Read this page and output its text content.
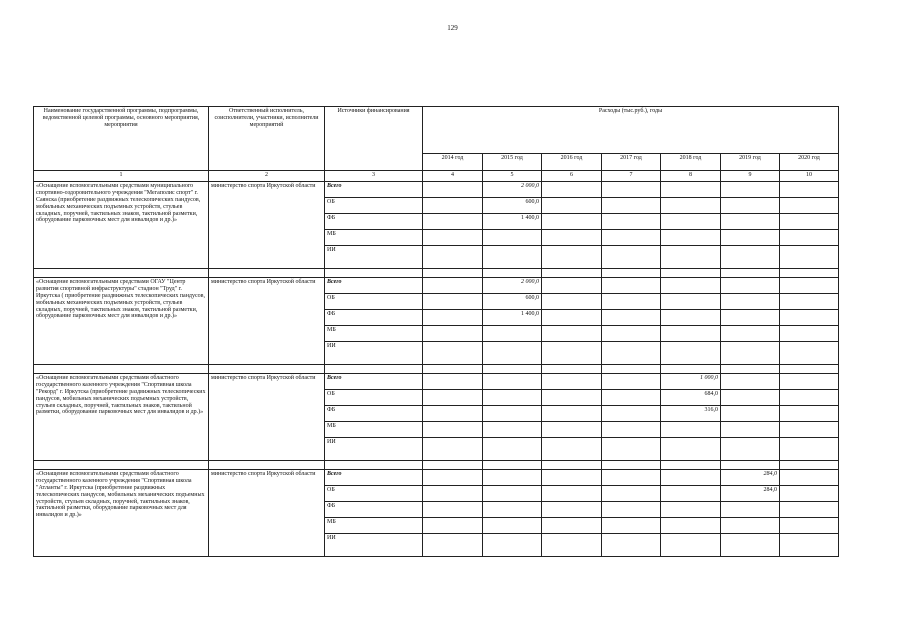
129
Наименование государственной программы, подпрограммы, ведомственной целевой программы, основного мероприятия, мероприятия	Ответственный исполнитель, соисполнители, участники, исполнители мероприятий	Источники финансирования	Расходы (тыс.руб.), годы						
			2014 год	2015 год	2016 год	2017 год	2018 год	2019 год	2020 год
1	2	3	4	5	6	7	8	9	10
«Оснащение вспомогательными средствами муниципального спортивно-оздоровительного учреждения "Мегаполис спорт" г. Саянска (приобретение раздвижных телескопических пандусов, мобильных механических подъемных устройств, стульев складных, поручней, тактильных знаков, тактильной разметки, оборудование парковочных мест для инвалидов и др.)»	министерство спорта Иркутской области	Всего		2 000,0					
		ОБ		600,0					
		ФБ		1 400,0					
		МБ							
		ИИ							

«Оснащение вспомогательными средствами ОГАУ "Центр развития спортивной инфраструктуры" стадион "Труд" г. Иркутска ( приобретение раздвижных телескопических пандусов, мобильных механических подъемных устройств, стульев складных, поручней, тактильных знаков, тактильной разметки, оборудование парковочных мест для инвалидов и др.)»	министерство спорта Иркутской области	Всего		2 000,0					
		ОБ		600,0					
		ФБ		1 400,0					
		МБ							
		ИИ							

«Оснащение вспомогательными средствами областного государственного казенного учреждения "Спортивная школа "Рекорд" г. Иркутска (приобретение раздвижных телескопических пандусов, мобильных механических подъемных устройств, стульев складных, поручней, тактильных знаков, тактильной разметки, оборудование парковочных мест для инвалидов и др.)»	министерство спорта Иркутской области	Всего					1 000,0		
		ОБ					684,0		
		ФБ					316,0		
		МБ							
		ИИ							

«Оснащение вспомогательными средствами областного государственного казенного учреждения "Спортивная школа "Атланты" г. Иркутска (приобретение раздвижных телескопических пандусов, мобильных механических подъемных устройств, стульев складных, поручней, тактильных знаков, тактильной разметки, оборудование парковочных мест для инвалидов и др.)»	министерство спорта Иркутской области	Всего						284,0	
		ОБ						284,0	
		ФБ							
		МБ							
		ИИ							
